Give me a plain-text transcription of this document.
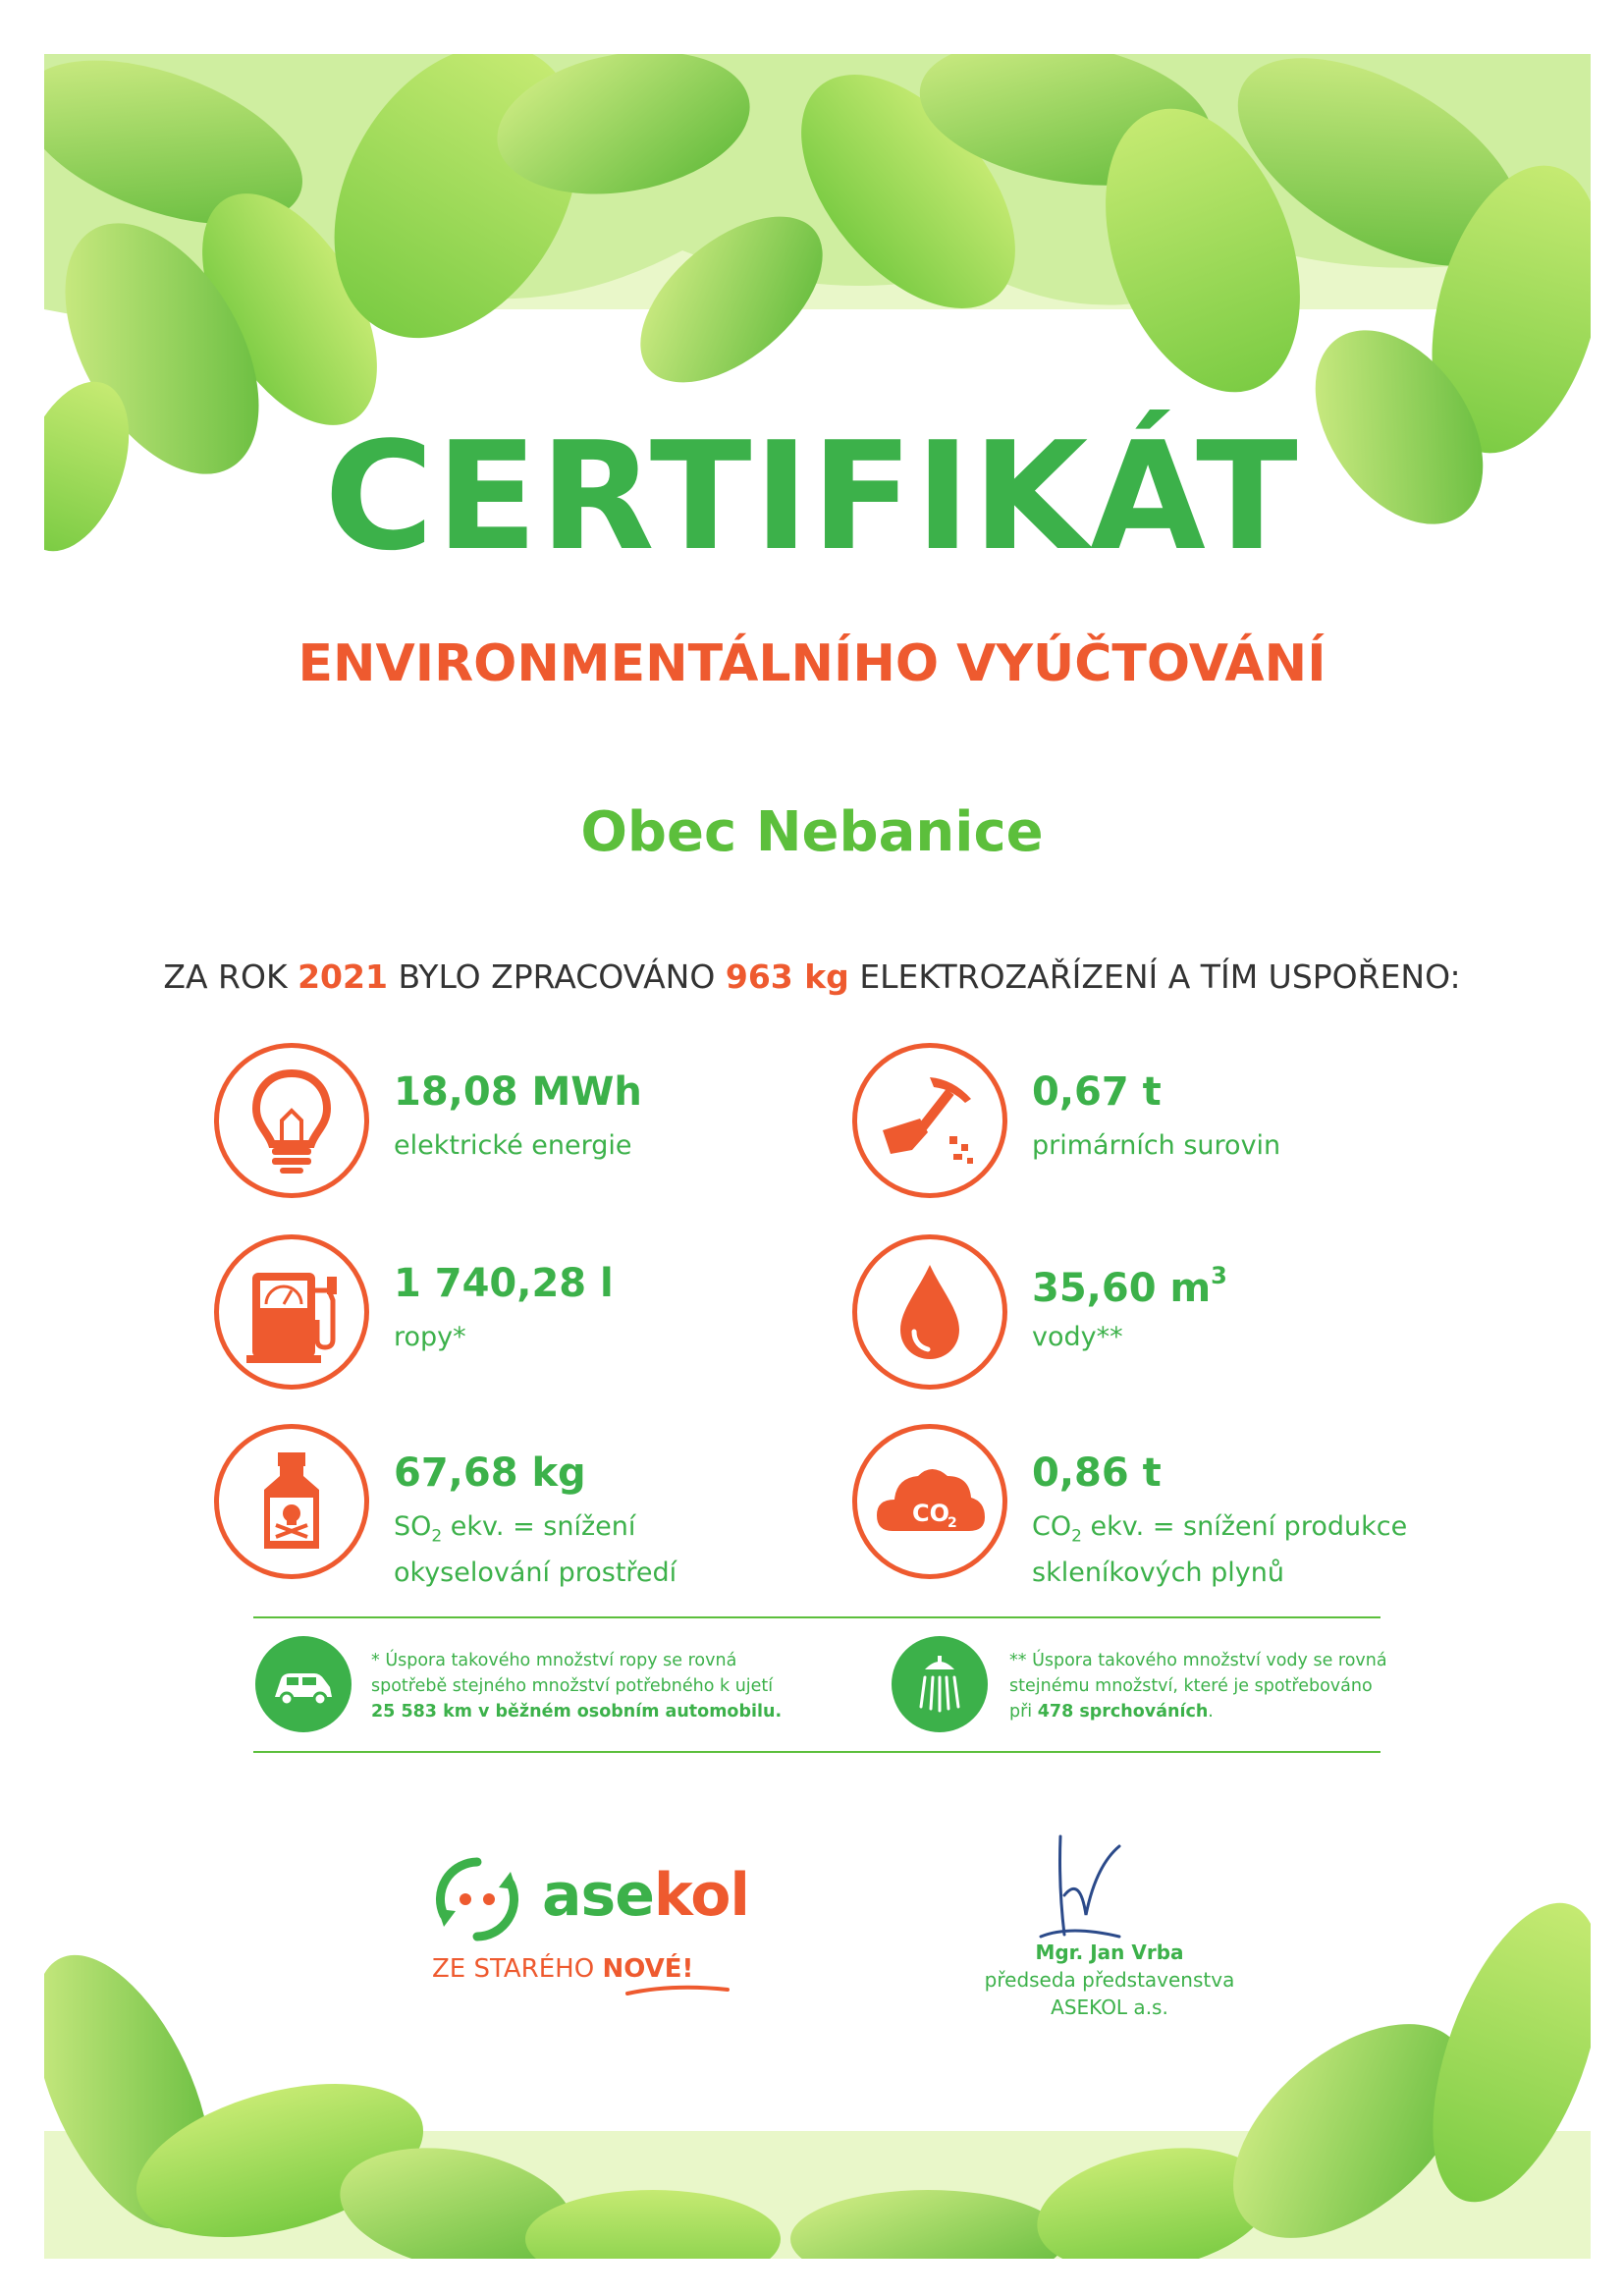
CERTIFIKÁT
ENVIRONMENTÁLNÍHO VYÚČTOVÁNÍ
Obec Nebanice
ZA ROK 2021 BYLO ZPRACOVÁNO 963 kg ELEKTROZAŘÍZENÍ A TÍM USPOŘENO:
18,08 MWh
elektrické energie
0,67 t
primárních surovin
1 740,28 l
ropy*
35,60 $m^3$
vody**
67,68 kg
$SO_2$ ekv. = snížení
okyselování prostředí
CO
2
0,86 t
$CO_2$ ekv. = snížení produkce
skleníkových plynů
* Úspora takového množství ropy se rovná
spotřebě stejného množství potřebného k ujetí
25 583 km v běžném osobním automobilu.
** Úspora takového množství vody se rovná
stejnému množství, které je spotřebováno
při 478 sprchováních.
asekol
ZE STARÉHO NOVÉ!
Mgr. Jan Vrba
předseda představenstva
ASEKOL a.s.
